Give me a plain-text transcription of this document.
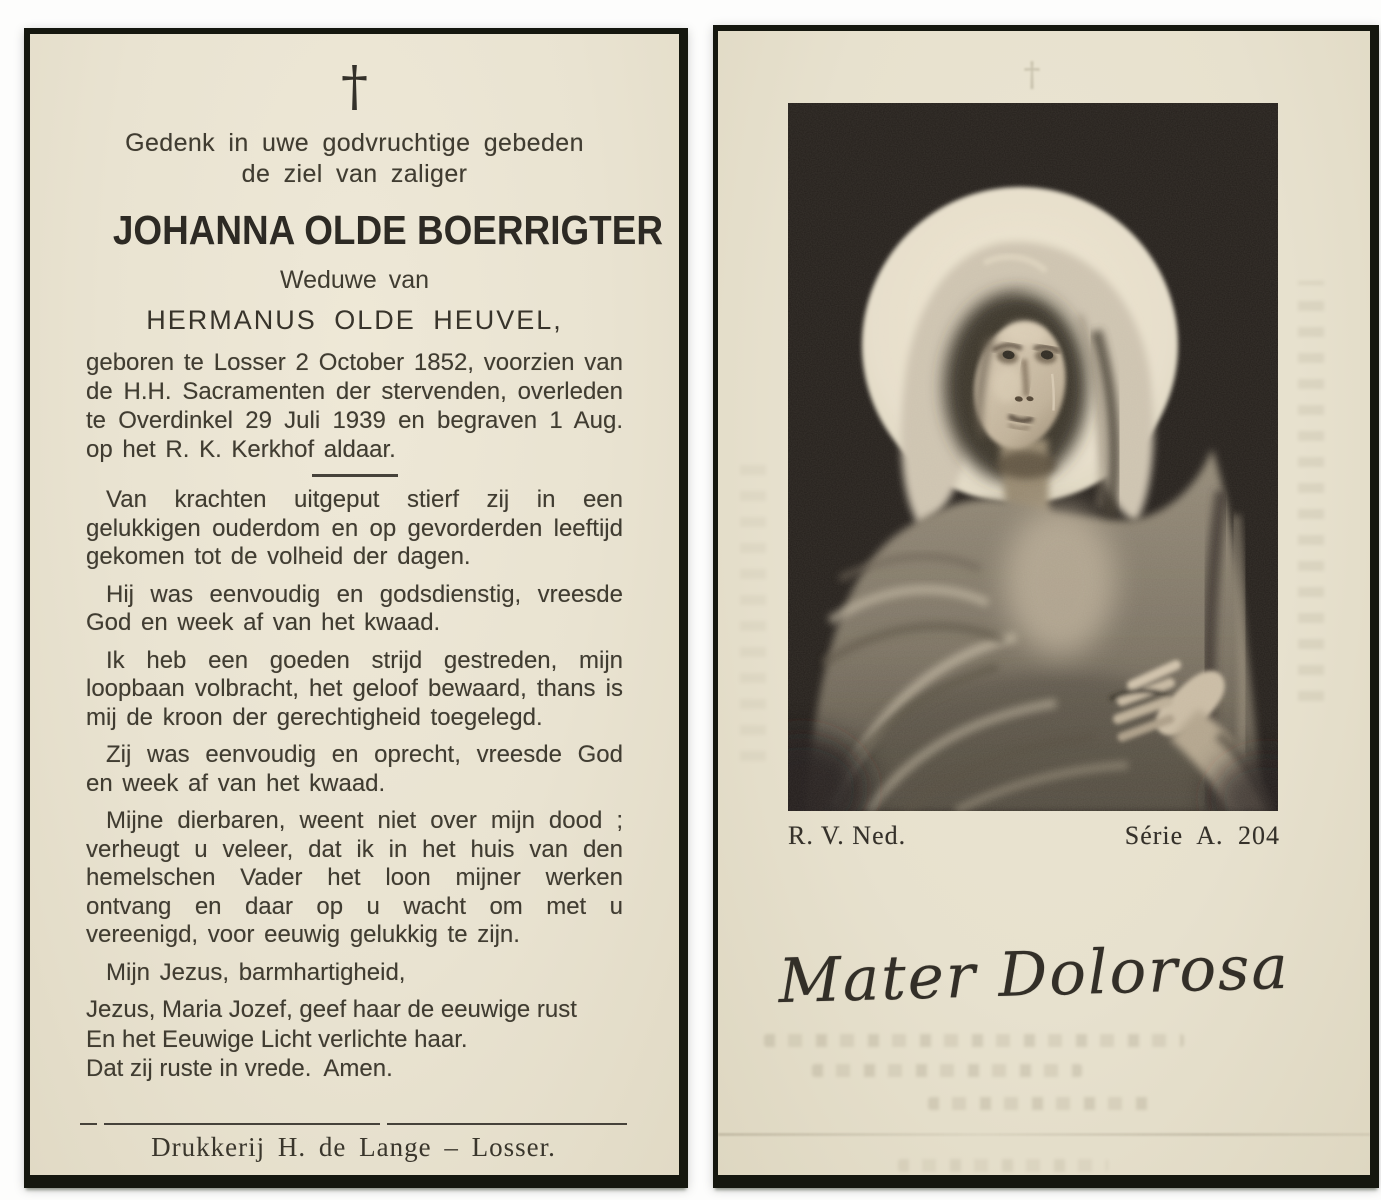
†
Gedenk in uwe godvruchtige gebeden
de ziel van zaliger
JOHANNA OLDE BOERRIGTER
Weduwe van
HERMANUS OLDE HEUVEL,

geboren te Losser 2 October 1852, voorzien van de H.H. Sacramenten der stervenden, overleden te Overdinkel 29 Juli 1939 en begraven 1 Aug. op het R. K. Kerkhof aldaar.

Van krachten uitgeput stierf zij in een gelukkigen ouderdom en op gevorderden leeftijd gekomen tot de volheid der dagen.

Hij was eenvoudig en godsdienstig, vreesde God en week af van het kwaad.

Ik heb een goeden strijd gestreden, mijn loopbaan volbracht, het geloof bewaard, thans is mij de kroon der gerechtigheid toegelegd.

Zij was eenvoudig en oprecht, vreesde God en week af van het kwaad.

Mijne dierbaren, weent niet over mijn dood ; verheugt u veleer, dat ik in het huis van den hemelschen Vader het loon mijner werken ontvang en daar op u wacht om met u vereenigd, voor eeuwig gelukkig te zijn.

Mijn Jezus, barmhartigheid,

Jezus, Maria Jozef, geef haar de eeuwige rust
En het Eeuwige Licht verlichte haar.
Dat zij ruste in vrede. Amen.
Drukkerij H. de Lange – Losser.
†
R. V. Ned.	Série A. 204
Mater Dolorosa
